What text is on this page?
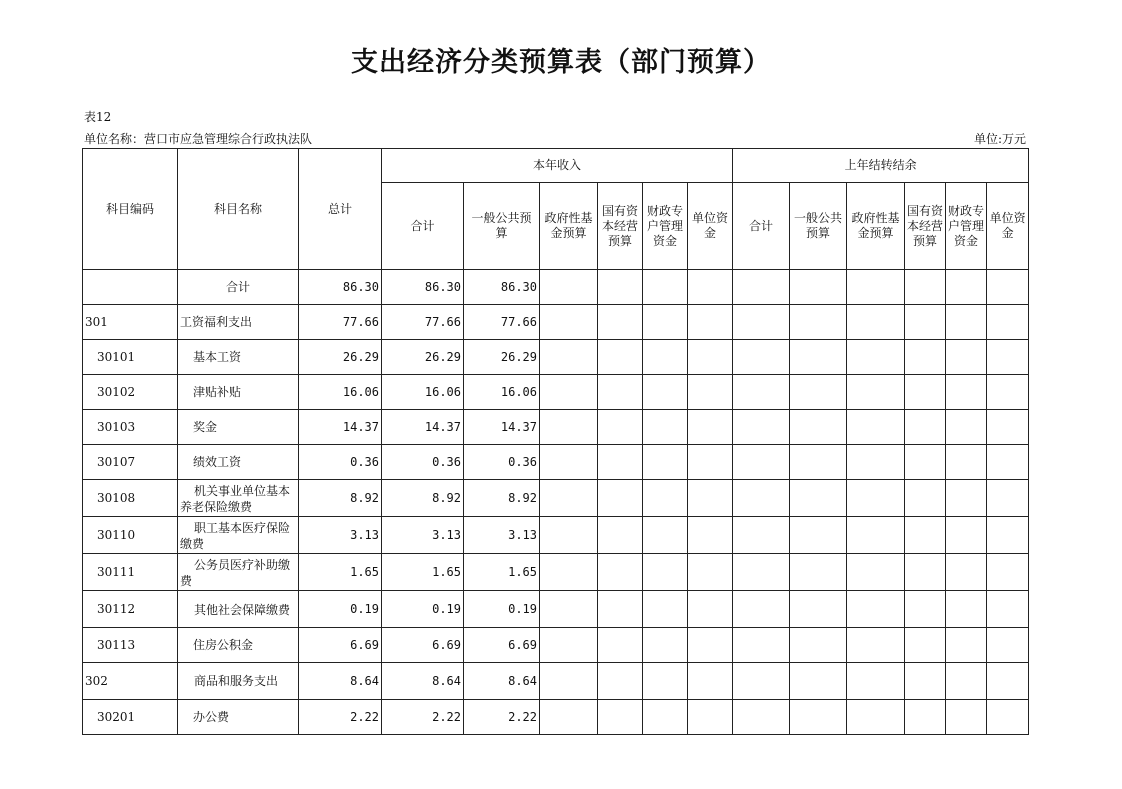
支出经济分类预算表（部门预算）
表12
单位名称：营口市应急管理综合行政执法队	单位:万元
科目编码	科目名称	总计	本年收入						上年结转结余					
			合计	一般公共预算	政府性基金预算	国有资本经营预算	财政专户管理资金	单位资金	合计	一般公共预算	政府性基金预算	国有资本经营预算	财政专户管理资金	单位资金
	合计	86.30	86.30	86.30										
301	工资福利支出	77.66	77.66	77.66										
30101	基本工资	26.29	26.29	26.29										
30102	津贴补贴	16.06	16.06	16.06										
30103	奖金	14.37	14.37	14.37										
30107	绩效工资	0.36	0.36	0.36										
30108	机关事业单位基本养老保险缴费	8.92	8.92	8.92										
30110	职工基本医疗保险缴费	3.13	3.13	3.13										
30111	公务员医疗补助缴费	1.65	1.65	1.65										
30112	其他社会保障缴费	0.19	0.19	0.19										
30113	住房公积金	6.69	6.69	6.69										
302	商品和服务支出	8.64	8.64	8.64										
30201	办公费	2.22	2.22	2.22										
